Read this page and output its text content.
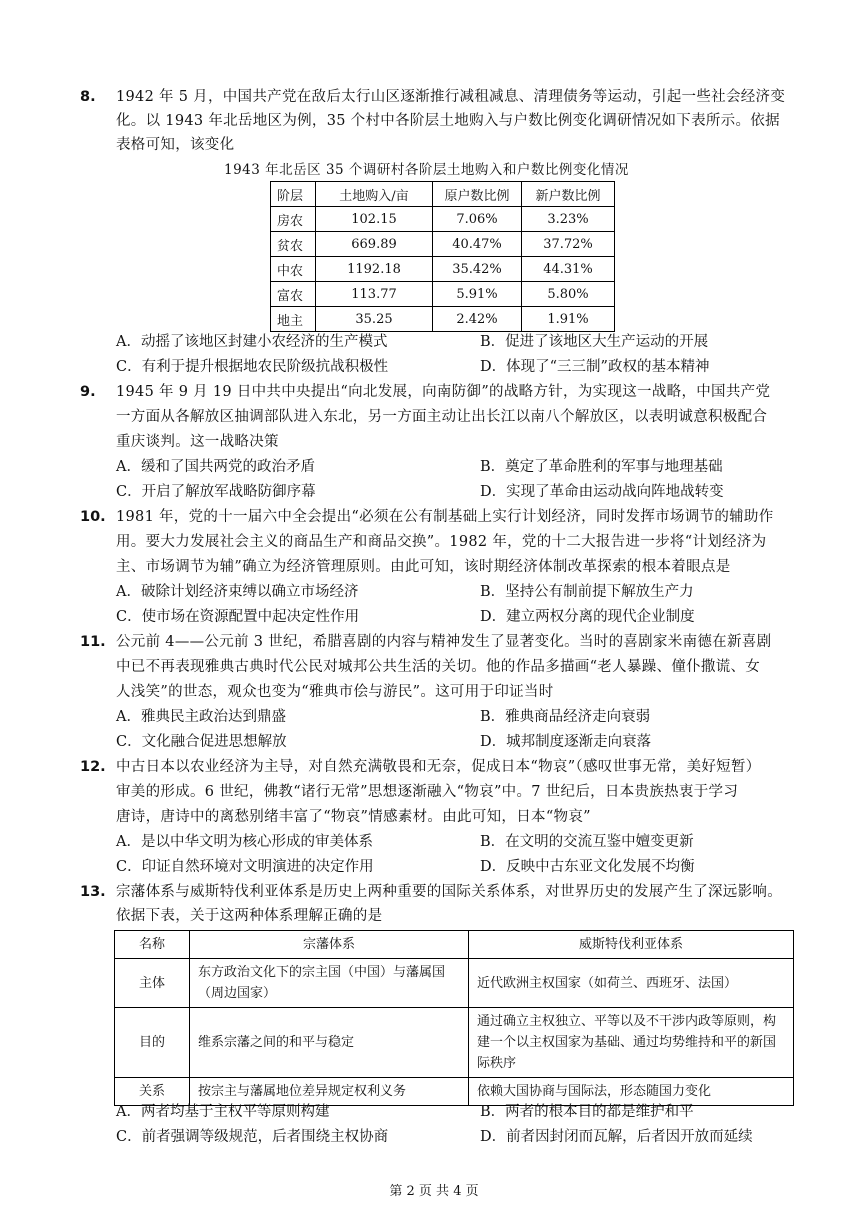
8. 1942 年 5 月，中国共产党在敌后太行山区逐渐推行减租减息、清理债务等运动，引起一些社会经济变
化。以 1943 年北岳地区为例，35 个村中各阶层土地购入与户数比例变化调研情况如下表所示。依据
表格可知，该变化
1943 年北岳区 35 个调研村各阶层土地购入和户数比例变化情况
阶层	土地购入/亩	原户数比例	新户数比例
房农	102.15	7.06%	3.23%
贫农	669.89	40.47%	37.72%
中农	1192.18	35.42%	44.31%
富农	113.77	5.91%	5.80%
地主	35.25	2.42%	1.91%
A．动摇了该地区封建小农经济的生产模式	B．促进了该地区大生产运动的开展
C．有利于提升根据地农民阶级抗战积极性	D．体现了“三三制”政权的基本精神
9. 1945 年 9 月 19 日中共中央提出“向北发展，向南防御”的战略方针，为实现这一战略，中国共产党
一方面从各解放区抽调部队进入东北，另一方面主动让出长江以南八个解放区，以表明诚意积极配合
重庆谈判。这一战略决策
A．缓和了国共两党的政治矛盾	B．奠定了革命胜利的军事与地理基础
C．开启了解放军战略防御序幕	D．实现了革命由运动战向阵地战转变
10. 1981 年，党的十一届六中全会提出“必须在公有制基础上实行计划经济，同时发挥市场调节的辅助作
用。要大力发展社会主义的商品生产和商品交换”。1982 年，党的十二大报告进一步将“计划经济为
主、市场调节为辅”确立为经济管理原则。由此可知，该时期经济体制改革探索的根本着眼点是
A．破除计划经济束缚以确立市场经济	B．坚持公有制前提下解放生产力
C．使市场在资源配置中起决定性作用	D．建立两权分离的现代企业制度
11. 公元前 4——公元前 3 世纪，希腊喜剧的内容与精神发生了显著变化。当时的喜剧家米南德在新喜剧
中已不再表现雅典古典时代公民对城邦公共生活的关切。他的作品多描画“老人暴躁、僮仆撒谎、女
人浅笑”的世态，观众也变为“雅典市侩与游民”。这可用于印证当时
A．雅典民主政治达到鼎盛	B．雅典商品经济走向衰弱
C．文化融合促进思想解放	D．城邦制度逐渐走向衰落
12. 中古日本以农业经济为主导，对自然充满敬畏和无奈，促成日本“物哀”（感叹世事无常，美好短暂）
审美的形成。6 世纪，佛教“诸行无常”思想逐渐融入“物哀”中。7 世纪后，日本贵族热衷于学习
唐诗，唐诗中的离愁别绪丰富了“物哀”情感素材。由此可知，日本“物哀”
A．是以中华文明为核心形成的审美体系	B．在文明的交流互鉴中嬗变更新
C．印证自然环境对文明演进的决定作用	D．反映中古东亚文化发展不均衡
13. 宗藩体系与威斯特伐利亚体系是历史上两种重要的国际关系体系，对世界历史的发展产生了深远影响。
依据下表，关于这两种体系理解正确的是
名称	宗藩体系	威斯特伐利亚体系
主体	东方政治文化下的宗主国（中国）与藩属国（周边国家）	近代欧洲主权国家（如荷兰、西班牙、法国）
目的	维系宗藩之间的和平与稳定	通过确立主权独立、平等以及不干涉内政等原则，构建一个以主权国家为基础、通过均势维持和平的新国际秩序
关系	按宗主与藩属地位差异规定权利义务	依赖大国协商与国际法，形态随国力变化
A．两者均基于主权平等原则构建	B．两者的根本目的都是维护和平
C．前者强调等级规范，后者围绕主权协商	D．前者因封闭而瓦解，后者因开放而延续
第 2 页 共 4 页
